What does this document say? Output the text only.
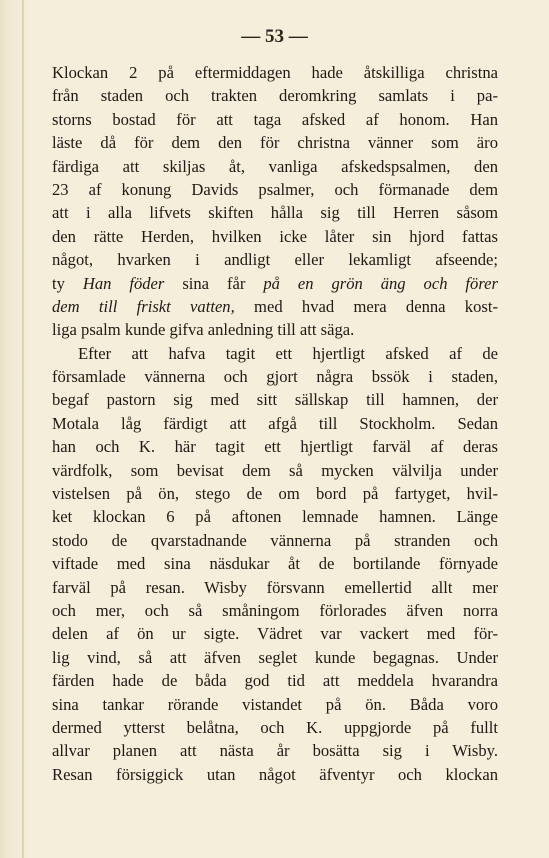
— 53 —
Klockan 2 på eftermiddagen hade åtskilliga christna
från staden och trakten deromkring samlats i pa-
storns bostad för att taga afsked af honom. Han
läste då för dem den för christna vänner som äro
färdiga att skiljas åt, vanliga afskedspsalmen, den
23 af konung Davids psalmer, och förmanade dem
att i alla lifvets skiften hålla sig till Herren såsom
den rätte Herden, hvilken icke låter sin hjord fattas
något, hvarken i andligt eller lekamligt afseende;
ty Han föder sina får på en grön äng och förer
dem till friskt vatten, med hvad mera denna kost-
liga psalm kunde gifva anledning till att säga.
Efter att hafva tagit ett hjertligt afsked af de
församlade vännerna och gjort några bssök i staden,
begaf pastorn sig med sitt sällskap till hamnen, der
Motala låg färdigt att afgå till Stockholm. Sedan
han och K. här tagit ett hjertligt farväl af deras
värdfolk, som bevisat dem så mycken välvilja under
vistelsen på ön, stego de om bord på fartyget, hvil-
ket klockan 6 på aftonen lemnade hamnen. Länge
stodo de qvarstadnande vännerna på stranden och
viftade med sina näsdukar åt de bortilande förnyade
farväl på resan. Wisby försvann emellertid allt mer
och mer, och så småningom förlorades äfven norra
delen af ön ur sigte. Vädret var vackert med för-
lig vind, så att äfven seglet kunde begagnas. Under
färden hade de båda god tid att meddela hvarandra
sina tankar rörande vistandet på ön. Båda voro
dermed ytterst belåtna, och K. uppgjorde på fullt
allvar planen att nästa år bosätta sig i Wisby.
Resan försiggick utan något äfventyr och klockan
